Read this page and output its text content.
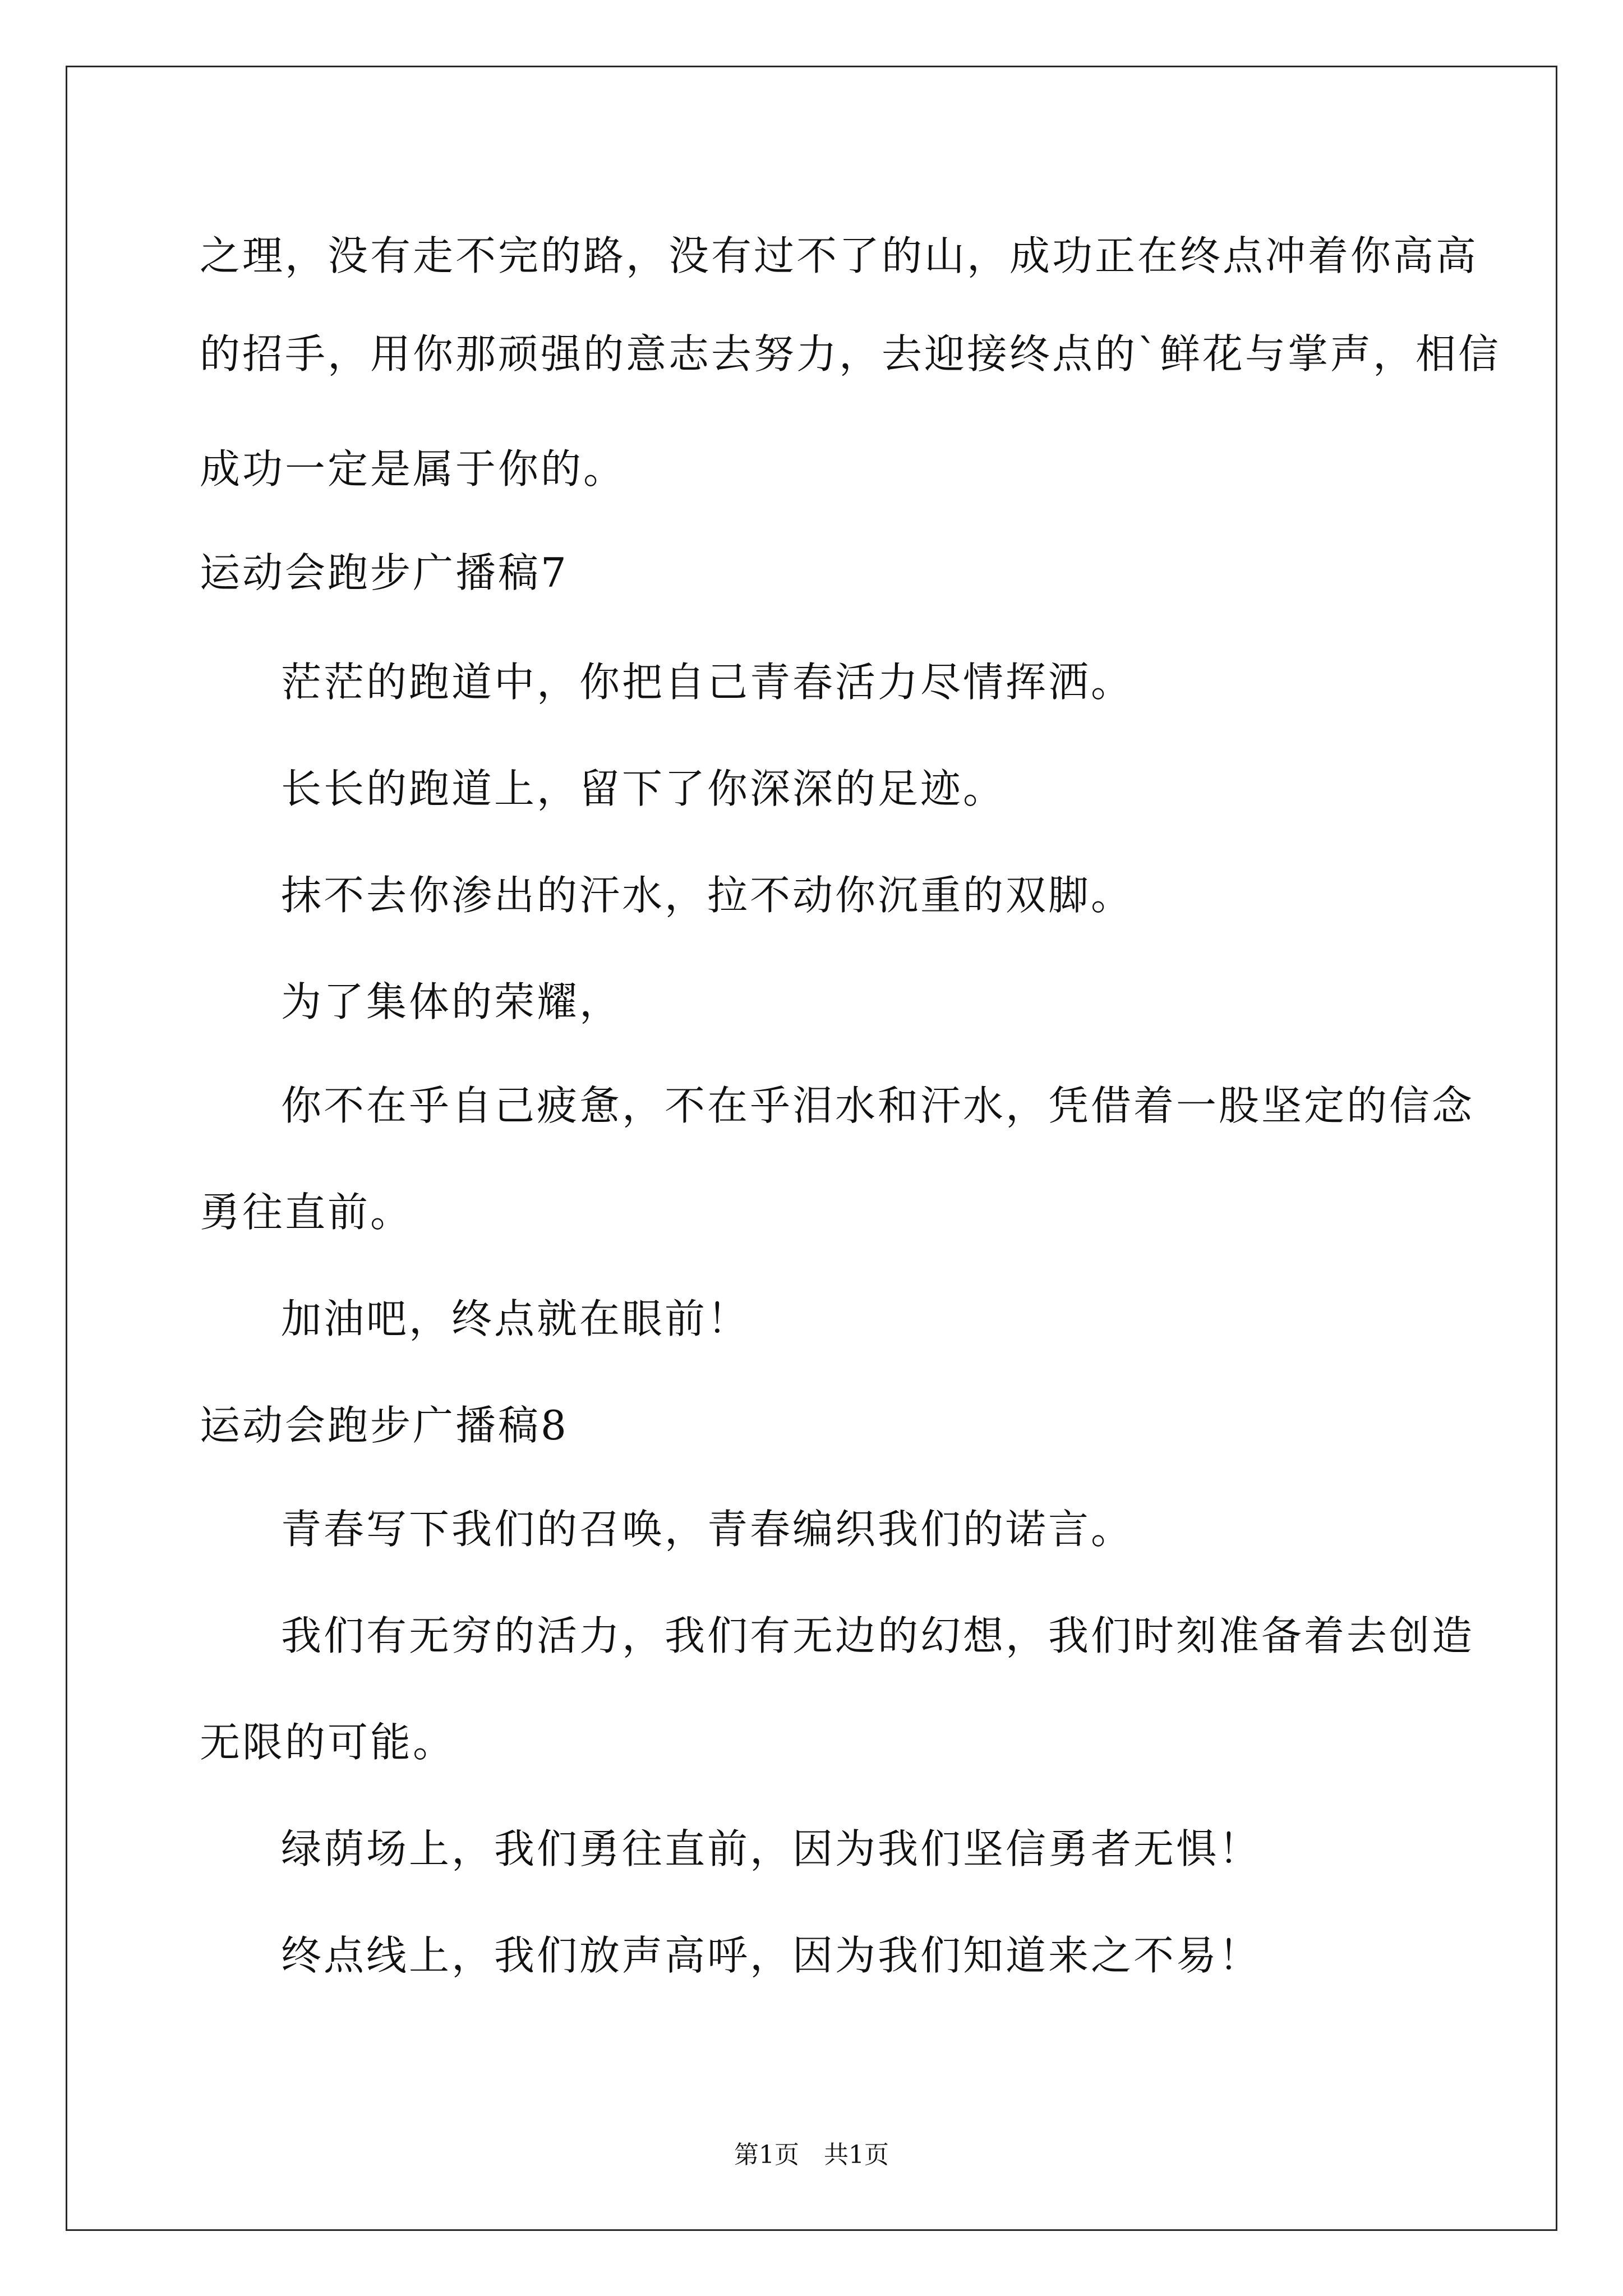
之理，没有走不完的路，没有过不了的山，成功正在终点冲着你高高
的招手，用你那顽强的意志去努力，去迎接终点的`鲜花与掌声，相信
成功一定是属于你的。
运动会跑步广播稿7
茫茫的跑道中，你把自己青春活力尽情挥洒。
长长的跑道上，留下了你深深的足迹。
抹不去你渗出的汗水，拉不动你沉重的双脚。
为了集体的荣耀，
你不在乎自己疲惫，不在乎泪水和汗水，凭借着一股坚定的信念
勇往直前。
加油吧，终点就在眼前！
运动会跑步广播稿8
青春写下我们的召唤，青春编织我们的诺言。
我们有无穷的活力，我们有无边的幻想，我们时刻准备着去创造
无限的可能。
绿荫场上，我们勇往直前，因为我们坚信勇者无惧！
终点线上，我们放声高呼，因为我们知道来之不易！
第1页　共1页
